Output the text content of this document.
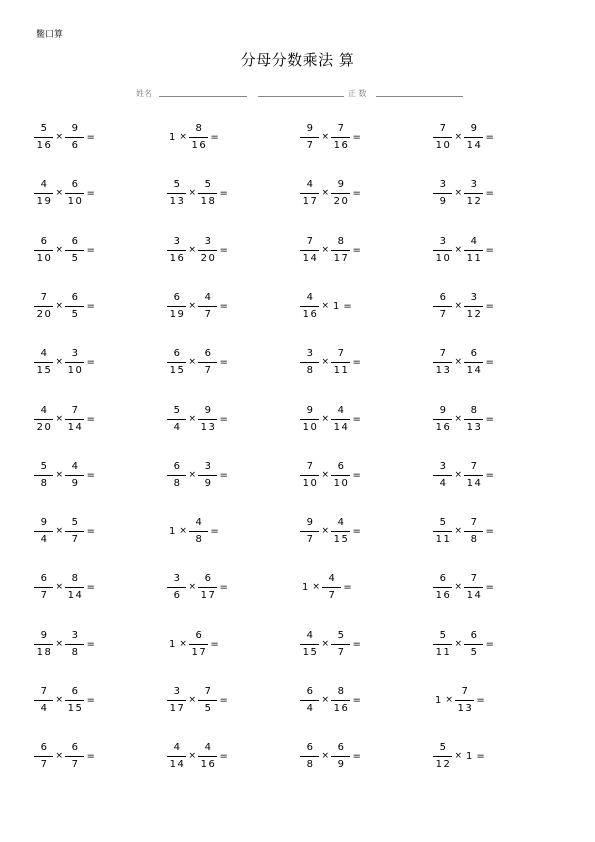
鳖口算
分母分数乘法 算
姓名	正 数
$\frac{5}{16} \times \frac{9}{6}$ =	$1 \times \frac{8}{16}$ =	$\frac{9}{7} \times \frac{7}{16}$ =	$\frac{7}{10} \times \frac{9}{14}$ =
$\frac{4}{19} \times \frac{6}{10}$ =	$\frac{5}{13} \times \frac{5}{18}$ =	$\frac{4}{17} \times \frac{9}{20}$ =	$\frac{3}{9} \times \frac{3}{12}$ =
$\frac{6}{10} \times \frac{6}{5}$ =	$\frac{3}{16} \times \frac{3}{20}$ =	$\frac{7}{14} \times \frac{8}{17}$ =	$\frac{3}{10} \times \frac{4}{11}$ =
$\frac{7}{20} \times \frac{6}{5}$ =	$\frac{6}{19} \times \frac{4}{7}$ =	$\frac{4}{16} \times 1$ =	$\frac{6}{7} \times \frac{3}{12}$ =
$\frac{4}{15} \times \frac{3}{10}$ =	$\frac{6}{15} \times \frac{6}{7}$ =	$\frac{3}{8} \times \frac{7}{11}$ =	$\frac{7}{13} \times \frac{6}{14}$ =
$\frac{4}{20} \times \frac{7}{14}$ =	$\frac{5}{4} \times \frac{9}{13}$ =	$\frac{9}{10} \times \frac{4}{14}$ =	$\frac{9}{16} \times \frac{8}{13}$ =
$\frac{5}{8} \times \frac{4}{9}$ =	$\frac{6}{8} \times \frac{3}{9}$ =	$\frac{7}{10} \times \frac{6}{10}$ =	$\frac{3}{4} \times \frac{7}{14}$ =
$\frac{9}{4} \times \frac{5}{7}$ =	$1 \times \frac{4}{8}$ =	$\frac{9}{7} \times \frac{4}{15}$ =	$\frac{5}{11} \times \frac{7}{8}$ =
$\frac{6}{7} \times \frac{8}{14}$ =	$\frac{3}{6} \times \frac{6}{17}$ =	$1 \times \frac{4}{7}$ =	$\frac{6}{16} \times \frac{7}{14}$ =
$\frac{9}{18} \times \frac{3}{8}$ =	$1 \times \frac{6}{17}$ =	$\frac{4}{15} \times \frac{5}{7}$ =	$\frac{5}{11} \times \frac{6}{5}$ =
$\frac{7}{4} \times \frac{6}{15}$ =	$\frac{3}{17} \times \frac{7}{5}$ =	$\frac{6}{4} \times \frac{8}{16}$ =	$1 \times \frac{7}{13}$ =
$\frac{6}{7} \times \frac{6}{7}$ =	$\frac{4}{14} \times \frac{4}{16}$ =	$\frac{6}{8} \times \frac{6}{9}$ =	$\frac{5}{12} \times 1$ =
